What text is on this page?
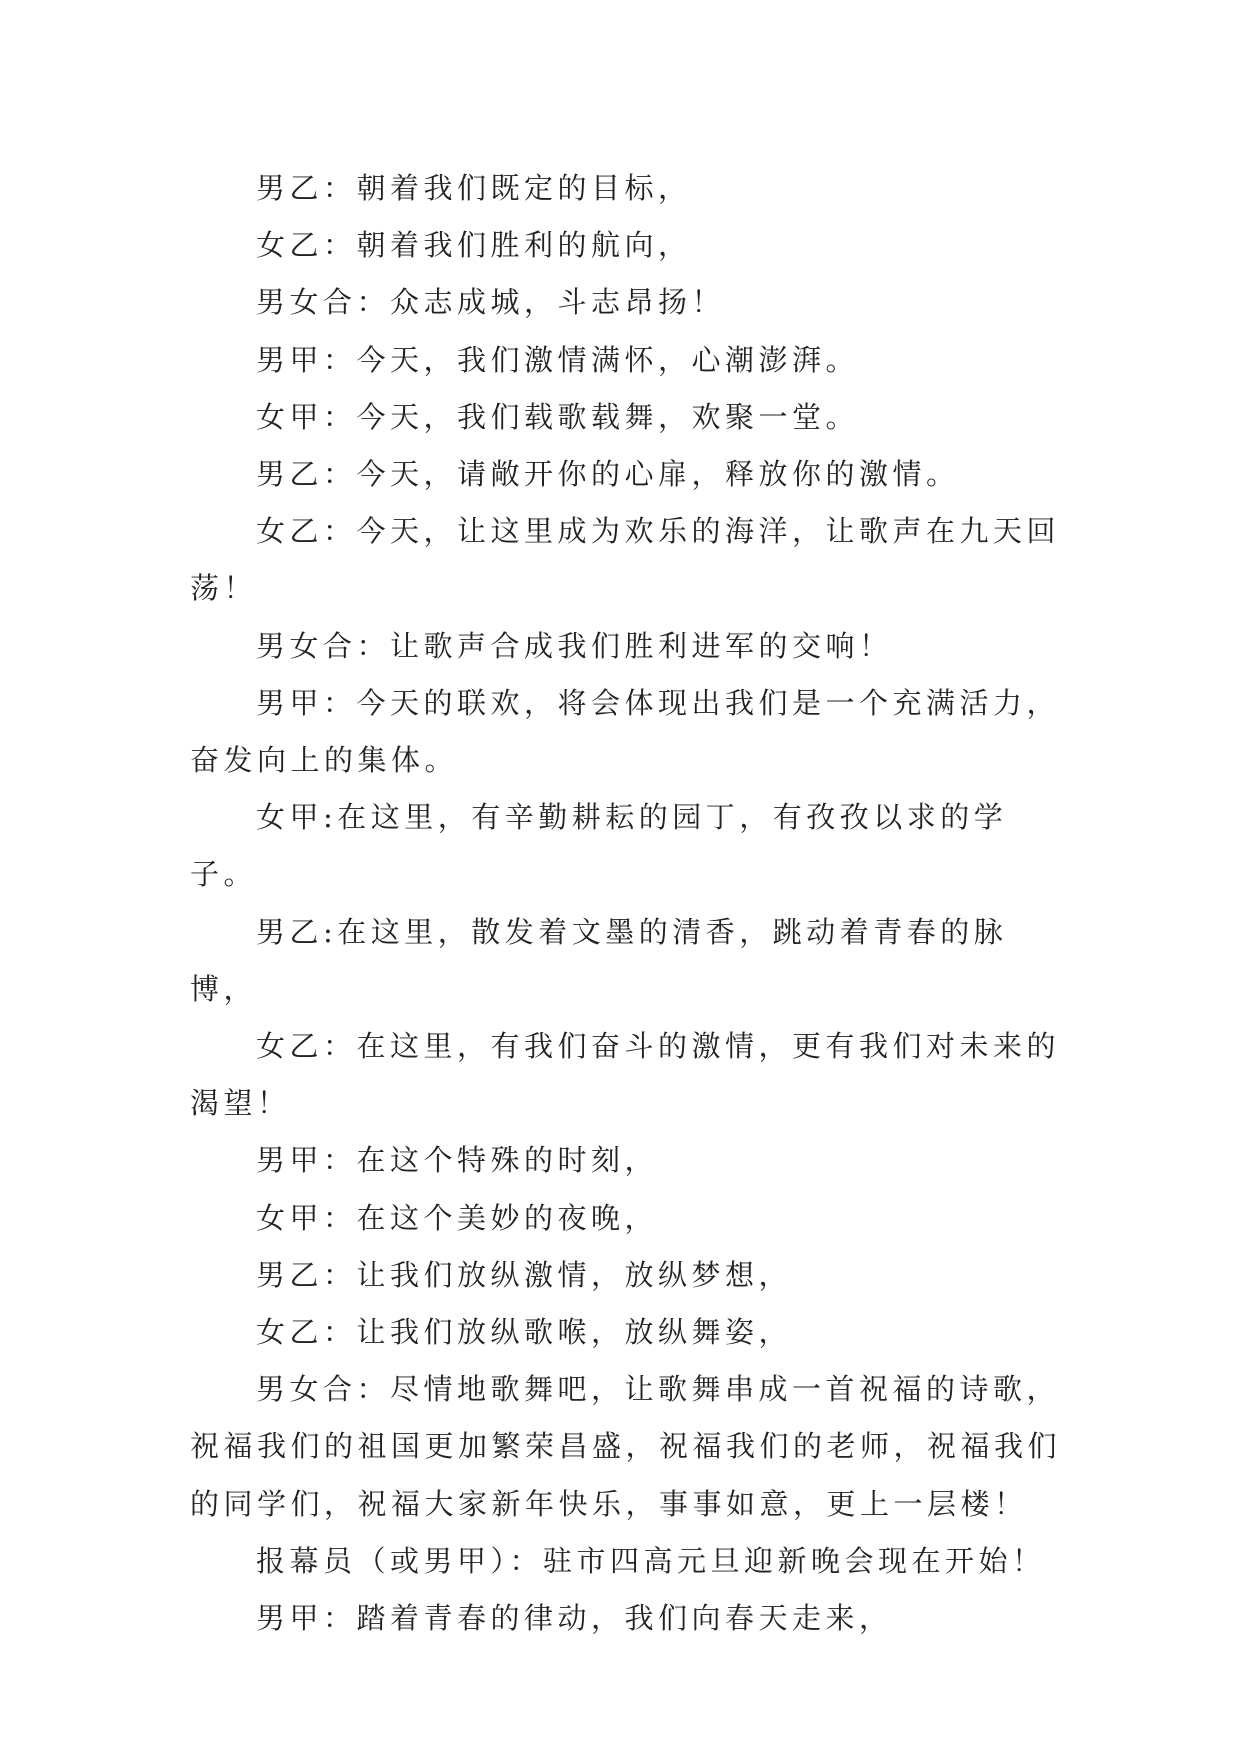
男乙：朝着我们既定的目标，

女乙：朝着我们胜利的航向，

男女合：众志成城，斗志昂扬！

男甲：今天，我们激情满怀，心潮澎湃。

女甲：今天，我们载歌载舞，欢聚一堂。

男乙：今天，请敞开你的心扉，释放你的激情。

女乙：今天，让这里成为欢乐的海洋，让歌声在九天回荡！

男女合：让歌声合成我们胜利进军的交响！

男甲：今天的联欢，将会体现出我们是一个充满活力，奋发向上的集体。

女甲:在这里，有辛勤耕耘的园丁，有孜孜以求的学子。

男乙:在这里，散发着文墨的清香，跳动着青春的脉博，

女乙：在这里，有我们奋斗的激情，更有我们对未来的渴望！

男甲：在这个特殊的时刻，

女甲：在这个美妙的夜晚，

男乙：让我们放纵激情，放纵梦想，

女乙：让我们放纵歌喉，放纵舞姿，

男女合：尽情地歌舞吧，让歌舞串成一首祝福的诗歌，祝福我们的祖国更加繁荣昌盛，祝福我们的老师，祝福我们的同学们，祝福大家新年快乐，事事如意，更上一层楼！

报幕员（或男甲）：驻市四高元旦迎新晚会现在开始！

男甲：踏着青春的律动，我们向春天走来，
